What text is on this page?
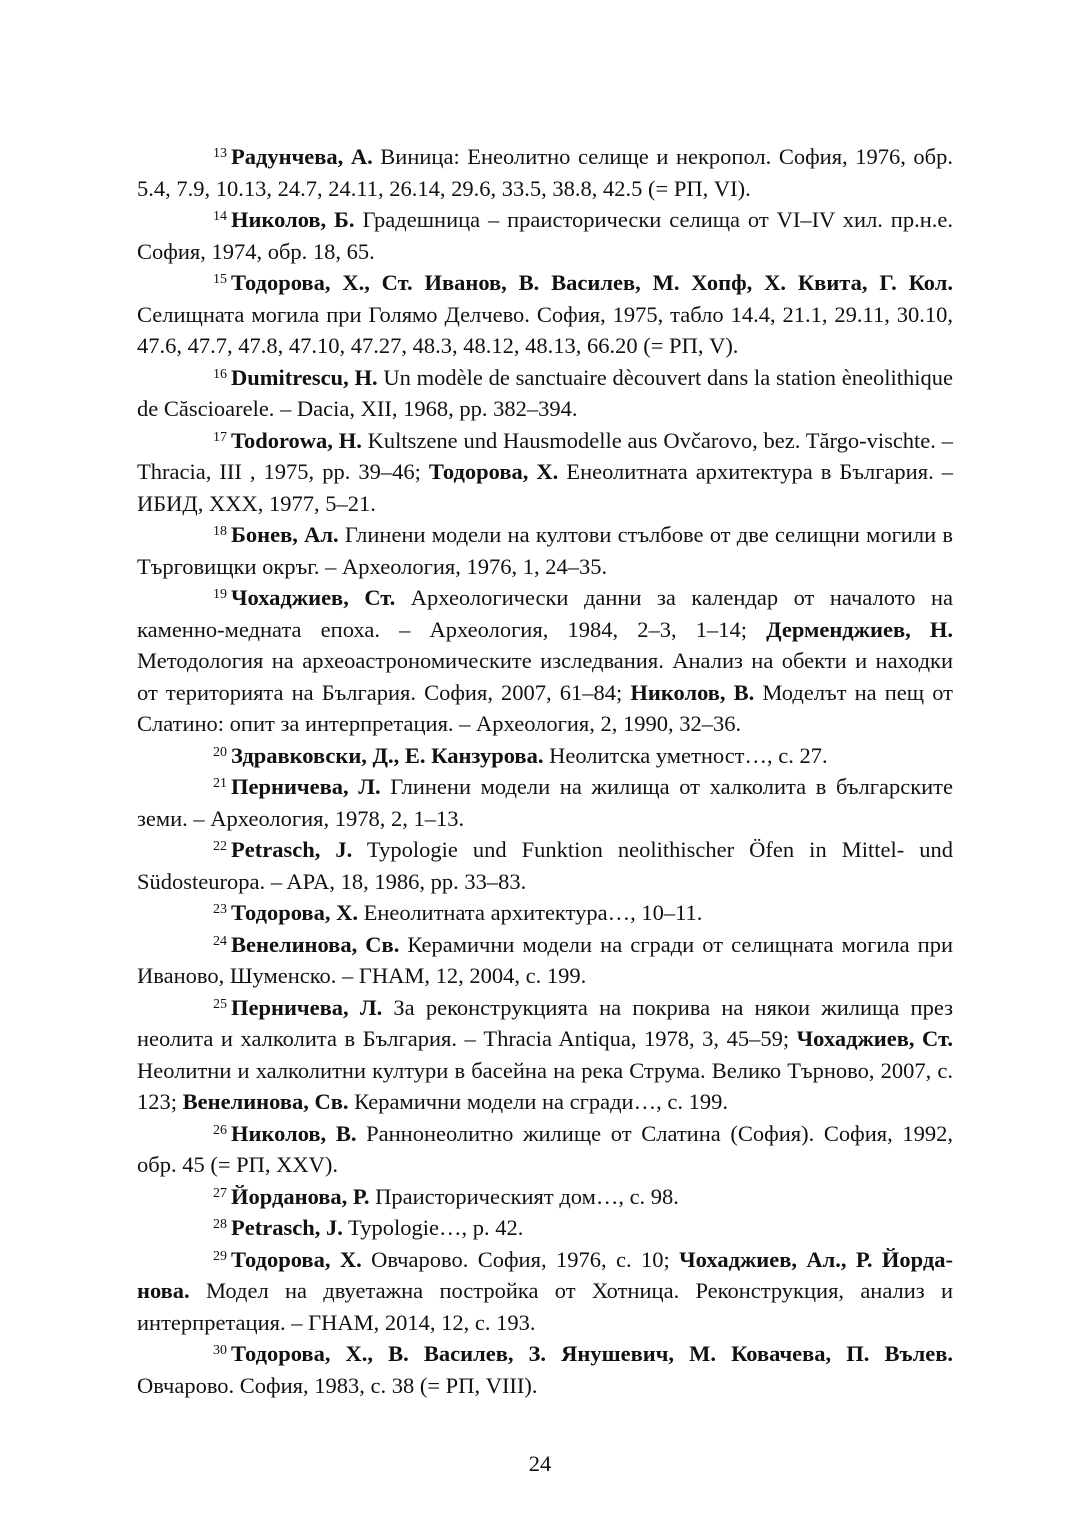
$^{13}$ Радунчева, А. Виница: Енеолитно селище и некропол. София, 1976, обр. 5.4, 7.9, 10.13, 24.7, 24.11, 26.14, 29.6, 33.5, 38.8, 42.5 (= РП, VI).

$^{14}$ Николов, Б. Градешница – праисторически селища от VI–IV хил. пр.н.е. София, 1974, обр. 18, 65.

$^{15}$ Тодорова, Х., Ст. Иванов, В. Василев, М. Хопф, Х. Квита, Г. Кол. Селищната могила при Голямо Делчево. София, 1975, табло 14.4, 21.1, 29.11, 30.10, 47.6, 47.7, 47.8, 47.10, 47.27, 48.3, 48.12, 48.13, 66.20 (= РП, V).

$^{16}$ Dumitrescu, H. Un modèle de sanctuaire dècouvert dans la station èneolithique de Căscioarele. – Dacia, XII, 1968, pp. 382–394.

$^{17}$ Todorowa, H. Kultszene und Hausmodelle aus Ovčarovo, bez. Tărgo-vischte. – Thracia, III , 1975, pp. 39–46; Тодорова, Х. Енеолитната архитектура в България. – ИБИД, XXX, 1977, 5–21.

$^{18}$ Бонев, Ал. Глинени модели на култови стълбове от две селищни могили в Търговищки окръг. – Археология, 1976, 1, 24–35.

$^{19}$ Чохаджиев, Ст. Археологически данни за календар от началото на каменно-медната епоха. – Археология, 1984, 2–3, 1–14; Дерменджиев, Н. Методология на археоастрономическите изследвания. Анализ на обекти и находки от територията на България. София, 2007, 61–84; Николов, В. Моделът на пещ от Слатино: опит за интерпретация. – Археология, 2, 1990, 32–36.

$^{20}$ Здравковски, Д., Е. Канзурова. Неолитска уметност…, с. 27.

$^{21}$ Перничева, Л. Глинени модели на жилища от халколита в българските земи. – Археология, 1978, 2, 1–13.

$^{22}$ Petrasch, J. Typologie und Funktion neolithischer Öfen in Mittel- und Südosteuropa. – APA, 18, 1986, pp. 33–83.

$^{23}$ Тодорова, Х. Енеолитната архитектура…, 10–11.

$^{24}$ Венелинова, Св. Керамични модели на сгради от селищната могила при Иваново, Шуменско. – ГНАМ, 12, 2004, с. 199.

$^{25}$ Перничева, Л. За реконструкцията на покрива на някои жилища през неолита и халколита в България. – Thracia Antiqua, 1978, 3, 45–59; Чохаджиев, Ст. Неолитни и халколитни култури в басейна на река Струма. Велико Търново, 2007, с. 123; Венелинова, Св. Керамични модели на сгради…, с. 199.

$^{26}$ Николов, В. Раннонеолитно жилище от Слатина (София). София, 1992, обр. 45 (= РП, XXV).

$^{27}$ Йорданова, Р. Праисторическият дом…, с. 98.

$^{28}$ Petrasch, J. Typologie…, p. 42.

$^{29}$ Тодорова, Х. Овчарово. София, 1976, с. 10; Чохаджиев, Ал., Р. Йорда-нова. Модел на двуетажна постройка от Хотница. Реконструкция, анализ и интерпретация. – ГНАМ, 2014, 12, с. 193.

$^{30}$ Тодорова, Х., В. Василев, З. Янушевич, М. Ковачева, П. Вълев. Овчарово. София, 1983, с. 38 (= РП, VIII).

24
